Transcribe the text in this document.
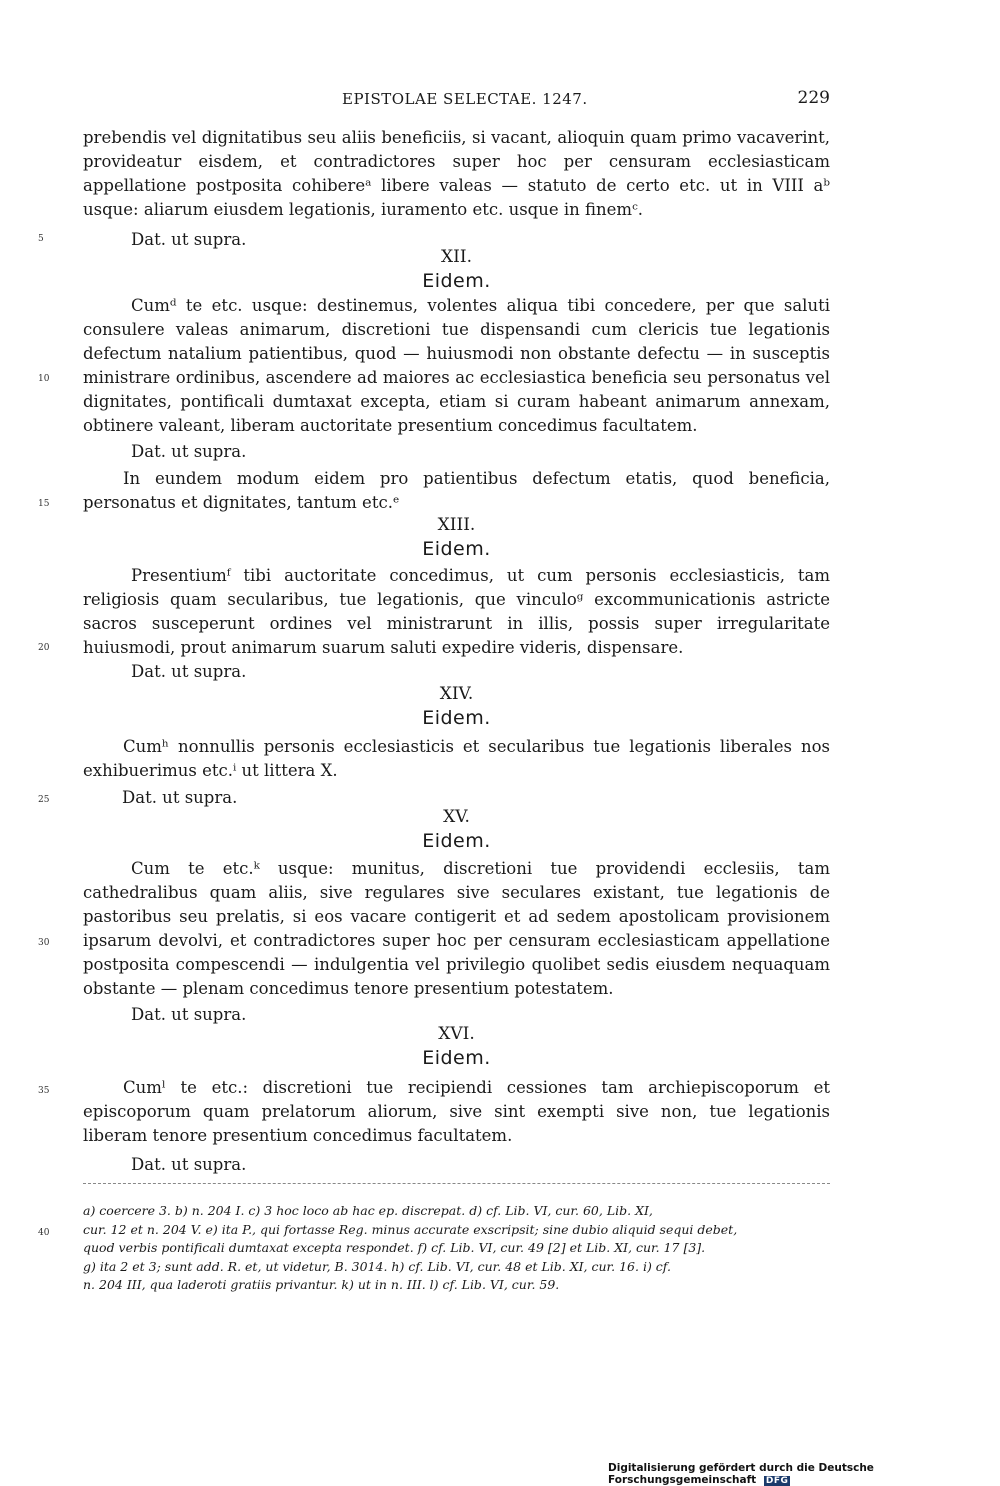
EPISTOLAE SELECTAE. 1247.	229
prebendis vel dignitatibus seu aliis beneficiis, si vacant, alioquin quam primo vacaverint, provideatur eisdem, et contradictores super hoc per censuram ecclesiasticam appellatione postposita cohibereᵃ libere valeas — statuto de certo etc. ut in VIII aᵇ usque: aliarum eiusdem legationis, iuramento etc. usque in finemᶜ.
Dat. ut supra.
XII.
Eidem.
Cumᵈ te etc. usque: destinemus, volentes aliqua tibi concedere, per que saluti consulere valeas animarum, discretioni tue dispensandi cum clericis tue legationis defectum natalium patientibus, quod — huiusmodi non obstante defectu — in susceptis ministrare ordinibus, ascendere ad maiores ac ecclesiastica beneficia seu personatus vel dignitates, pontificali dumtaxat excepta, etiam si curam habeant animarum annexam, obtinere valeant, liberam auctoritate presentium concedimus facultatem.
Dat. ut supra.
In eundem modum eidem pro patientibus defectum etatis, quod beneficia, personatus et dignitates, tantum etc.ᵉ
XIII.
Eidem.
Presentiumᶠ tibi auctoritate concedimus, ut cum personis ecclesiasticis, tam religiosis quam secularibus, tue legationis, que vinculoᵍ excommunicationis astricte sacros susceperunt ordines vel ministrarunt in illis, possis super irregularitate huiusmodi, prout animarum suarum saluti expedire videris, dispensare.
Dat. ut supra.
XIV.
Eidem.
Cumʰ nonnullis personis ecclesiasticis et secularibus tue legationis liberales nos exhibuerimus etc.ⁱ ut littera X.
Dat. ut supra.
XV.
Eidem.
Cum te etc.ᵏ usque: munitus, discretioni tue providendi ecclesiis, tam cathedralibus quam aliis, sive regulares sive seculares existant, tue legationis de pastoribus seu prelatis, si eos vacare contigerit et ad sedem apostolicam provisionem ipsarum devolvi, et contradictores super hoc per censuram ecclesiasticam appellatione postposita compescendi — indulgentia vel privilegio quolibet sedis eiusdem nequaquam obstante — plenam concedimus tenore presentium potestatem.
Dat. ut supra.
XVI.
Eidem.
Cumˡ te etc.: discretioni tue recipiendi cessiones tam archiepiscoporum et episcoporum quam prelatorum aliorum, sive sint exempti sive non, tue legationis liberam tenore presentium concedimus facultatem.
Dat. ut supra.
5
10
15
20
25
30
35
40
a) coercere 3. b) n. 204 I. c) 3 hoc loco ab hac ep. discrepat. d) cf. Lib. VI, cur. 60, Lib. XI,
cur. 12 et n. 204 V. e) ita P., qui fortasse Reg. minus accurate exscripsit; sine dubio aliquid sequi debet,
quod verbis pontificali dumtaxat excepta respondet. f) cf. Lib. VI, cur. 49 [2] et Lib. XI, cur. 17 [3].
g) ita 2 et 3; sunt add. R. et, ut videtur, B. 3014. h) cf. Lib. VI, cur. 48 et Lib. XI, cur. 16. i) cf.
n. 204 III, qua laderoti gratiis privantur. k) ut in n. III. l) cf. Lib. VI, cur. 59.
Digitalisierung gefördert durch die Deutsche Forschungsgemeinschaft DFG
